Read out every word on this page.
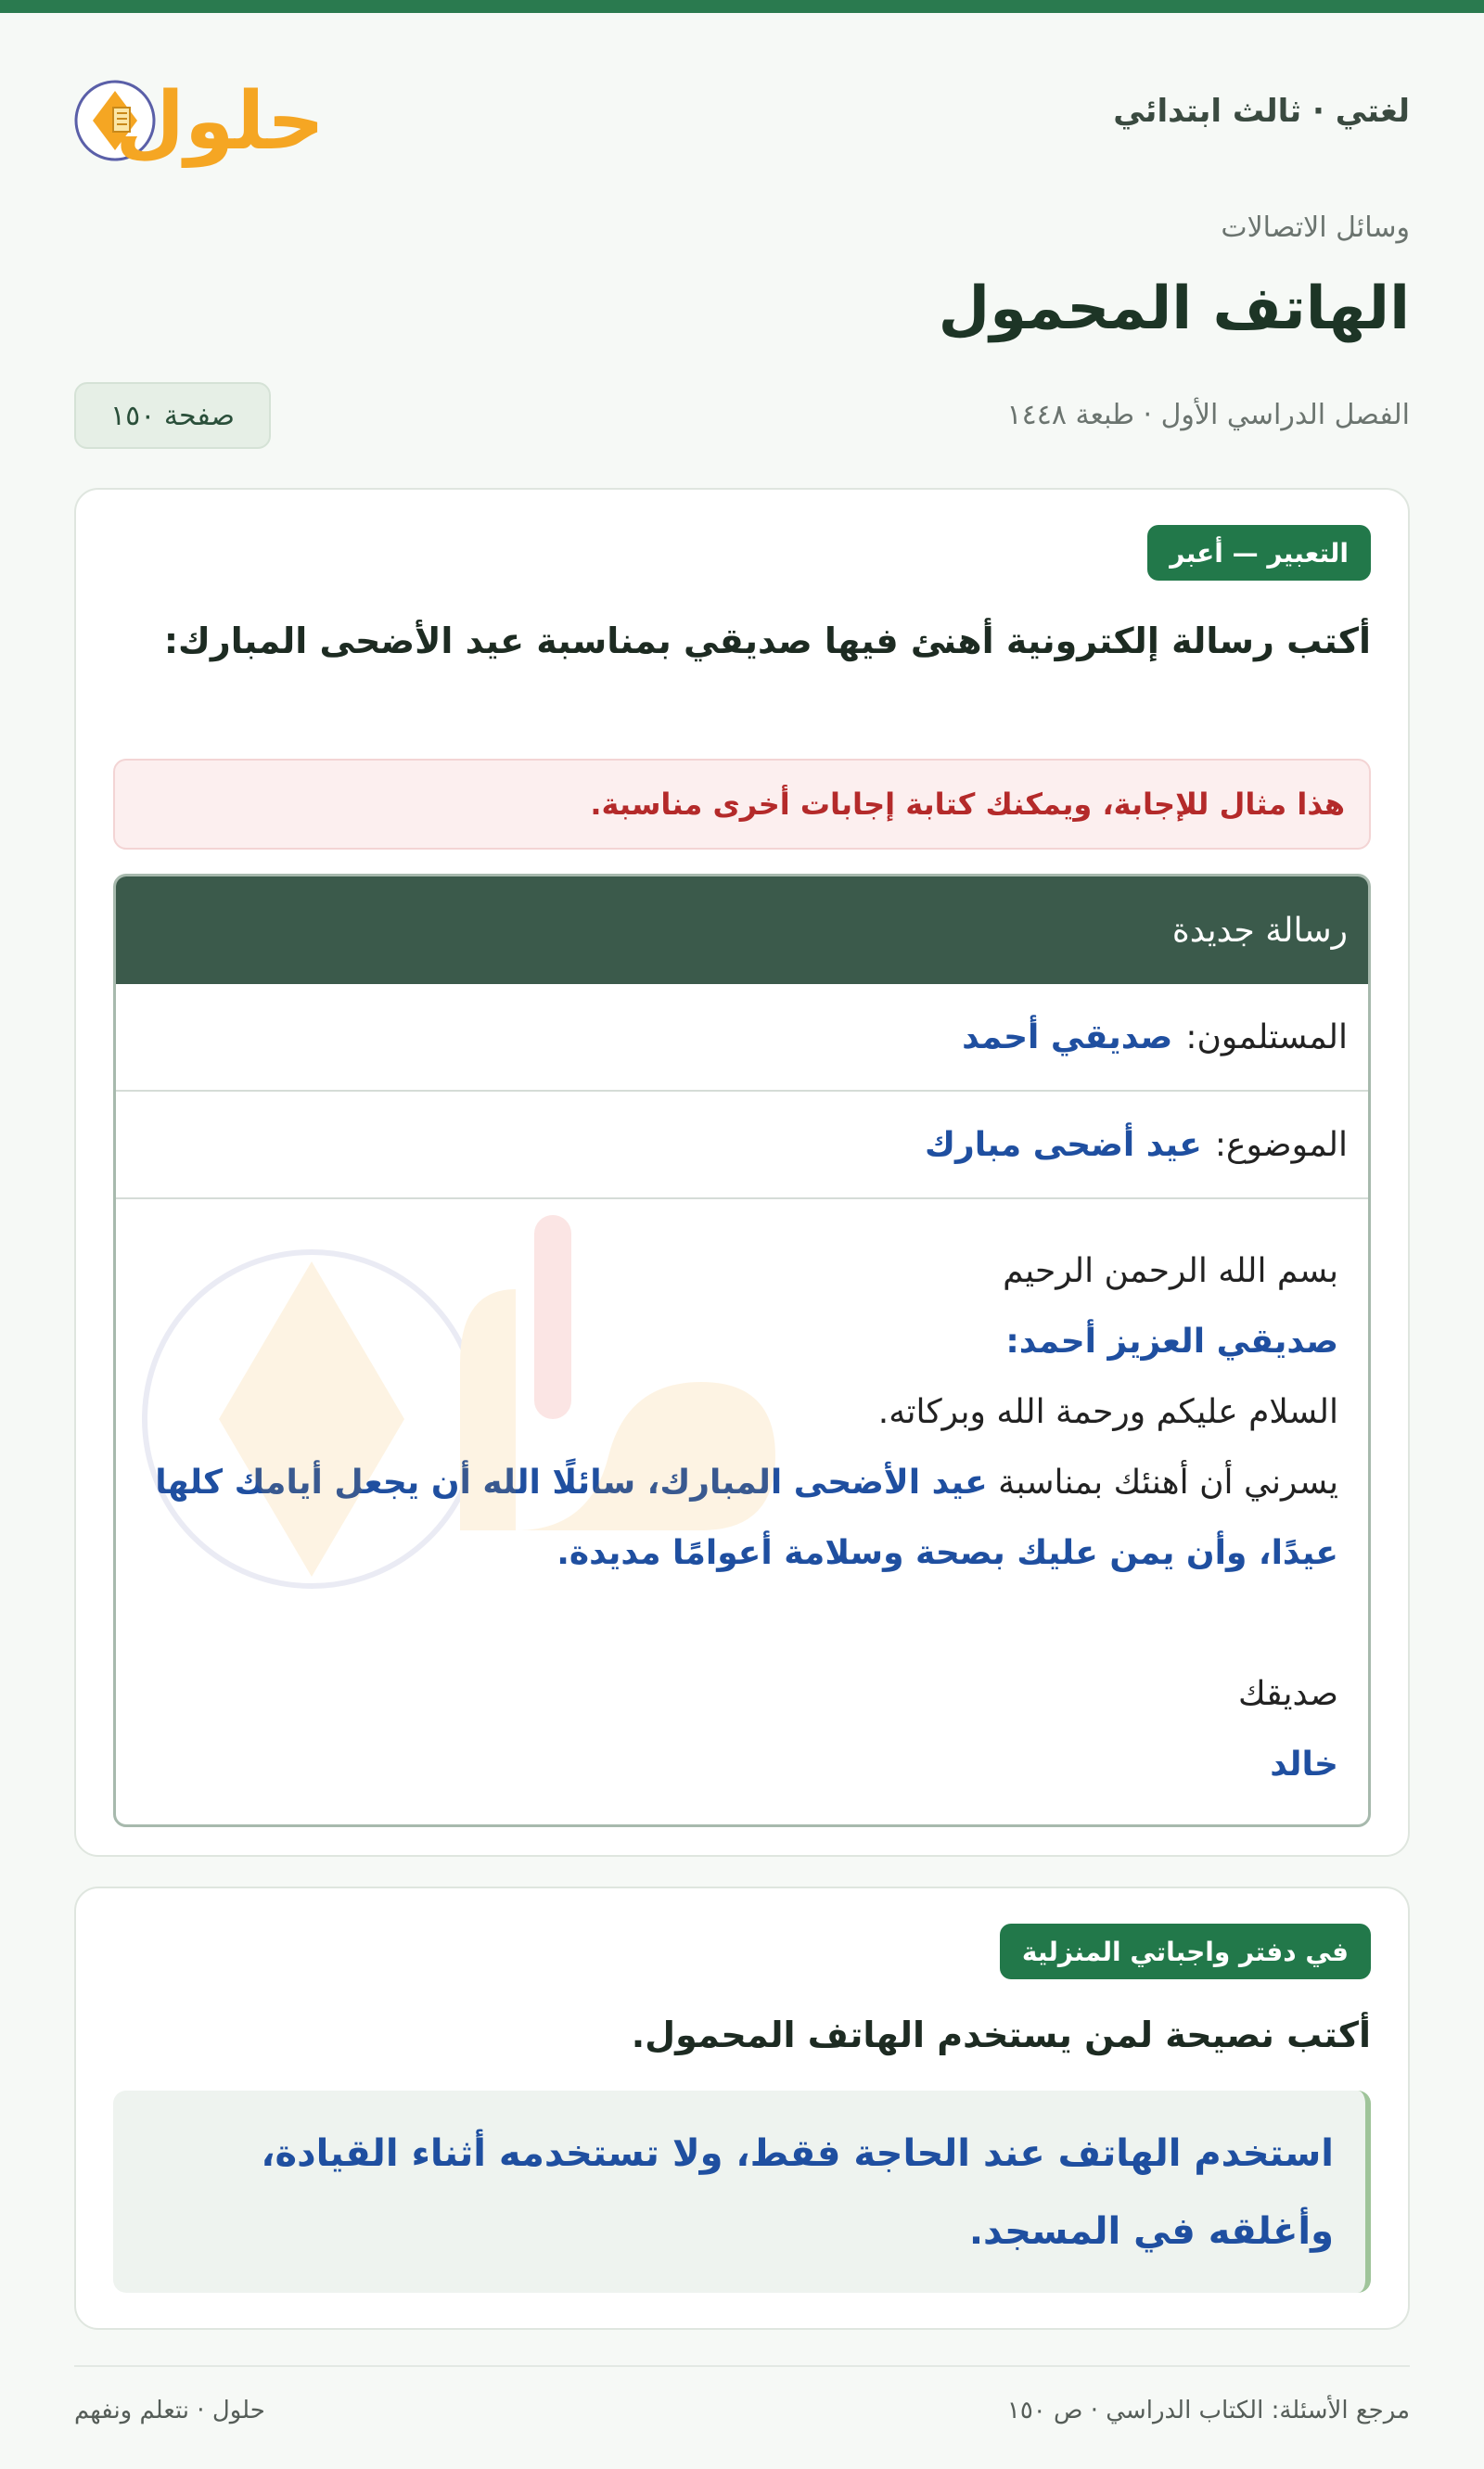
لغتي · ثالث ابتدائي
حلول
وسائل الاتصالات
الهاتف المحمول
الفصل الدراسي الأول · طبعة ١٤٤٨
صفحة ١٥٠
التعبير — أعبر
أكتب رسالة إلكترونية أهنئ فيها صديقي بمناسبة عيد الأضحى المبارك:
هذا مثال للإجابة، ويمكنك كتابة إجابات أخرى مناسبة.
رسالة جديدة
المستلمون:
صديقي أحمد
الموضوع:
عيد أضحى مبارك
بسم الله الرحمن الرحيم
صديقي العزيز أحمد:
السلام عليكم ورحمة الله وبركاته.
يسرني أن أهنئك بمناسبة عيد الأضحى المبارك، سائلًا الله أن يجعل أيامك كلها عيدًا، وأن يمن عليك بصحة وسلامة أعوامًا مديدة.
صديقك
خالد
في دفتر واجباتي المنزلية
أكتب نصيحة لمن يستخدم الهاتف المحمول.
استخدم الهاتف عند الحاجة فقط، ولا تستخدمه أثناء القيادة، وأغلقه في المسجد.
مرجع الأسئلة: الكتاب الدراسي · ص ١٥٠
حلول · نتعلم ونفهم
